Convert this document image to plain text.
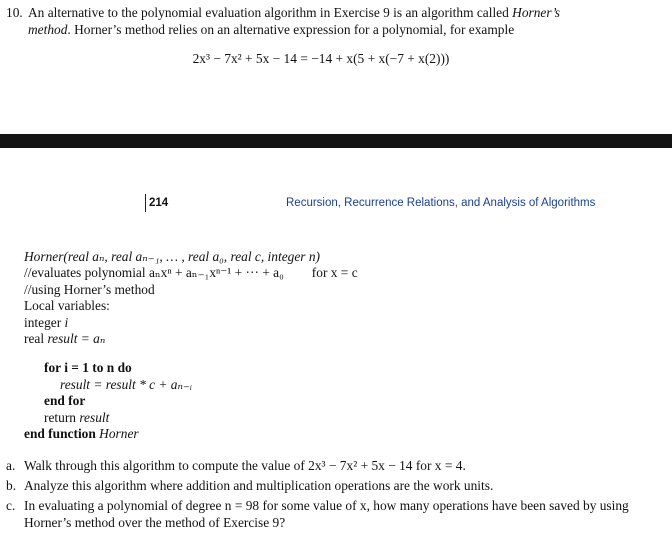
10. An alternative to the polynomial evaluation algorithm in Exercise 9 is an algorithm called Horner’s
method. Horner’s method relies on an alternative expression for a polynomial, for example
2x³ − 7x² + 5x − 14 = −14 + x(5 + x(−7 + x(2)))
214	Recursion, Recurrence Relations, and Analysis of Algorithms
Horner(real aₙ, real aₙ₋₁, … , real a₀, real c, integer n)
//evaluates polynomial aₙxⁿ + aₙ₋₁xⁿ⁻¹ + ··· + a₀ for x = c
//using Horner’s method
Local variables:
integer i
real result = aₙ
for i = 1 to n do
result = result * c + aₙ₋ᵢ
end for
return result
end function Horner
a. Walk through this algorithm to compute the value of 2x³ − 7x² + 5x − 14 for x = 4.
b. Analyze this algorithm where addition and multiplication operations are the work units.
c. In evaluating a polynomial of degree n = 98 for some value of x, how many operations have been saved by using Horner’s method over the method of Exercise 9?
